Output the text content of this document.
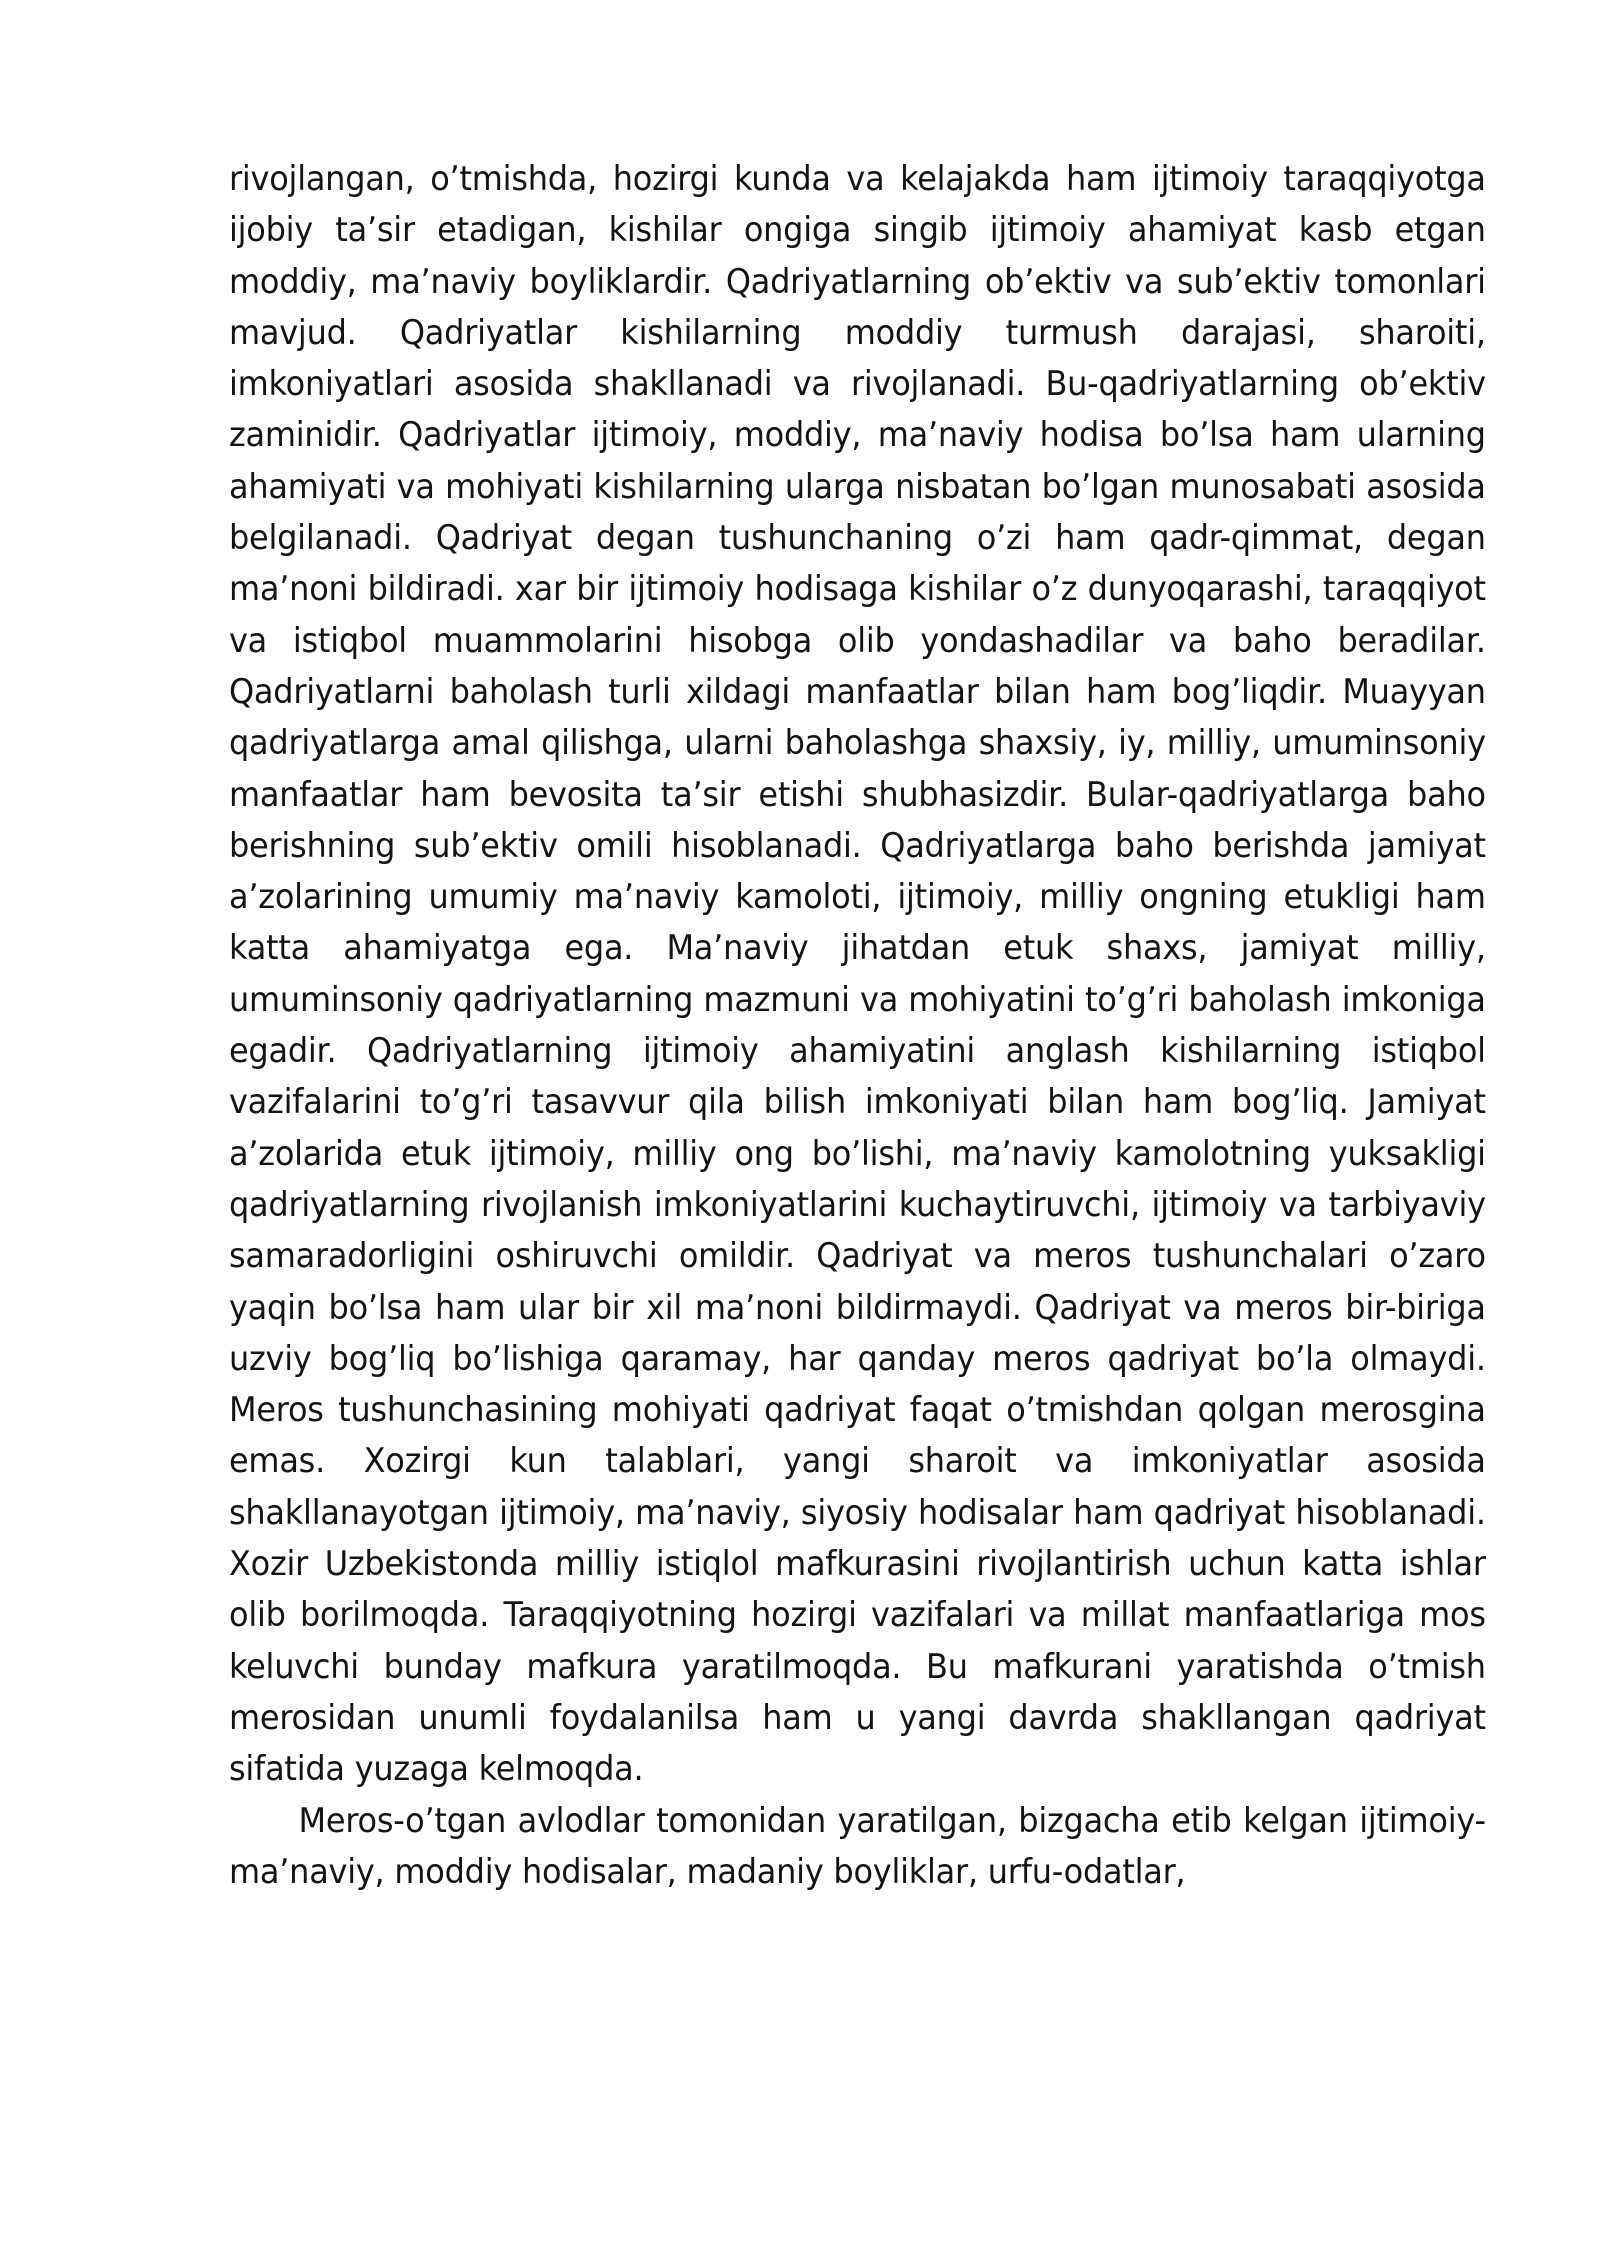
rivojlangan, o’tmishda, hozirgi kunda va kelajakda ham ijtimoiy taraqqiyotga ijobiy ta’sir etadigan, kishilar ongiga singib ijtimoiy ahamiyat kasb etgan moddiy, ma’naviy boyliklardir. Qadriyatlarning ob’ektiv va sub’ektiv tomonlari mavjud. Qadriyatlar kishilarning moddiy turmush darajasi, sharoiti, imkoniyatlari asosida shakllanadi va rivojlanadi. Bu-qadriyatlarning ob’ektiv zaminidir. Qadriyatlar ijtimoiy, moddiy, ma’naviy hodisa bo’lsa ham ularning ahamiyati va mohiyati kishilarning ularga nisbatan bo’lgan munosabati asosida belgilanadi. Qadriyat degan tushunchaning o’zi ham qadr-qimmat, degan ma’noni bildiradi. xar bir ijtimoiy hodisaga kishilar o’z dunyoqarashi, taraqqiyot va istiqbol muammolarini hisobga olib yondashadilar va baho beradilar. Qadriyatlarni baholash turli xildagi manfaatlar bilan ham bog’liqdir. Muayyan qadriyatlarga amal qilishga, ularni baholashga shaxsiy, iy, milliy, umuminsoniy manfaatlar ham bevosita ta’sir etishi shubhasizdir. Bular-qadriyatlarga baho berishning sub’ektiv omili hisoblanadi. Qadriyatlarga baho berishda jamiyat a’zolarining umumiy ma’naviy kamoloti, ijtimoiy, milliy ongning etukligi ham katta ahamiyatga ega. Ma’naviy jihatdan etuk shaxs, jamiyat milliy, umuminsoniy qadriyatlarning mazmuni va mohiyatini to’g’ri baholash imkoniga egadir. Qadriyatlarning ijtimoiy ahamiyatini anglash kishilarning istiqbol vazifalarini to’g’ri tasavvur qila bilish imkoniyati bilan ham bog’liq. Jamiyat a’zolarida etuk ijtimoiy, milliy ong bo’lishi, ma’naviy kamolotning yuksakligi qadriyatlarning rivojlanish imkoniyatlarini kuchaytiruvchi, ijtimoiy va tarbiyaviy samaradorligini oshiruvchi omildir. Qadriyat va meros tushunchalari o’zaro yaqin bo’lsa ham ular bir xil ma’noni bildirmaydi. Qadriyat va meros bir-biriga uzviy bog’liq bo’lishiga qaramay, har qanday meros qadriyat bo’la olmaydi. Meros tushunchasining mohiyati qadriyat faqat o’tmishdan qolgan merosgina emas. Xozirgi kun talablari, yangi sharoit va imkoniyatlar asosida shakllanayotgan ijtimoiy, ma’naviy, siyosiy hodisalar ham qadriyat hisoblanadi. Xozir Uzbekistonda milliy istiqlol mafkurasini rivojlantirish uchun katta ishlar olib borilmoqda. Taraqqiyotning hozirgi vazifalari va millat manfaatlariga mos keluvchi bunday mafkura yaratilmoqda. Bu mafkurani yaratishda o’tmish merosidan unumli foydalanilsa ham u yangi davrda shakllangan qadriyat sifatida yuzaga kelmoqda.

Meros-o’tgan avlodlar tomonidan yaratilgan, bizgacha etib kelgan ijtimoiy-ma’naviy, moddiy hodisalar, madaniy boyliklar, urfu-odatlar,
